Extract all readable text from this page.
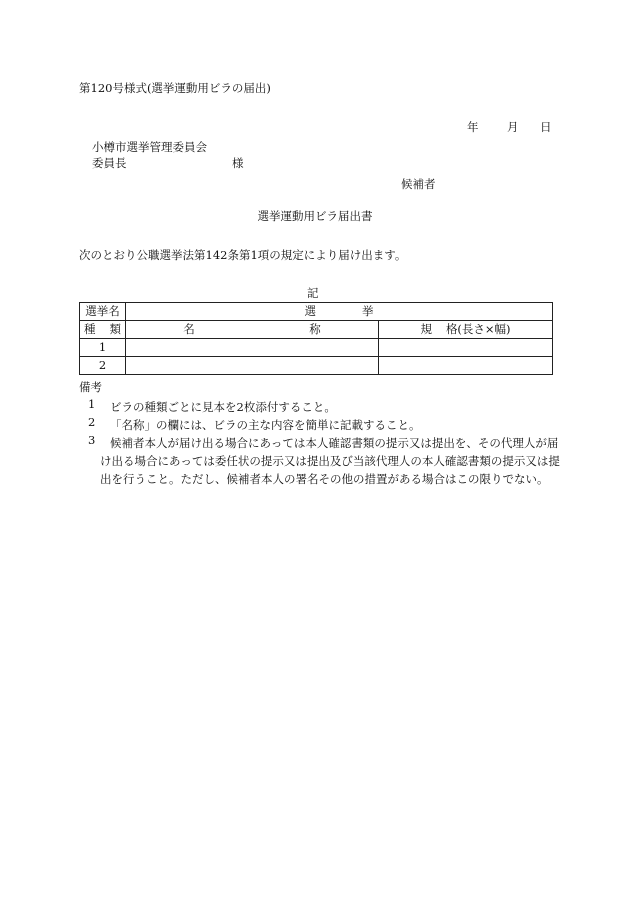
第120号様式(選挙運動用ビラの届出)
年 月 日
小樽市選挙管理委員会
委員長	様
候補者
選挙運動用ビラ届出書
次のとおり公職選挙法第142条第1項の規定により届け出ます。
記
選挙名	選 挙	

種 類	名 称	規 格(長さ×幅)

1		
2		
備考
1	ビラの種類ごとに見本を2枚添付すること。
2	「名称」の欄には、ビラの主な内容を簡単に記載すること。
3	候補者本人が届け出る場合にあっては本人確認書類の提示又は提出を、その代理人が届け出る場合にあっては委任状の提示又は提出及び当該代理人の本人確認書類の提示又は提出を行うこと。ただし、候補者本人の署名その他の措置がある場合はこの限りでない。
